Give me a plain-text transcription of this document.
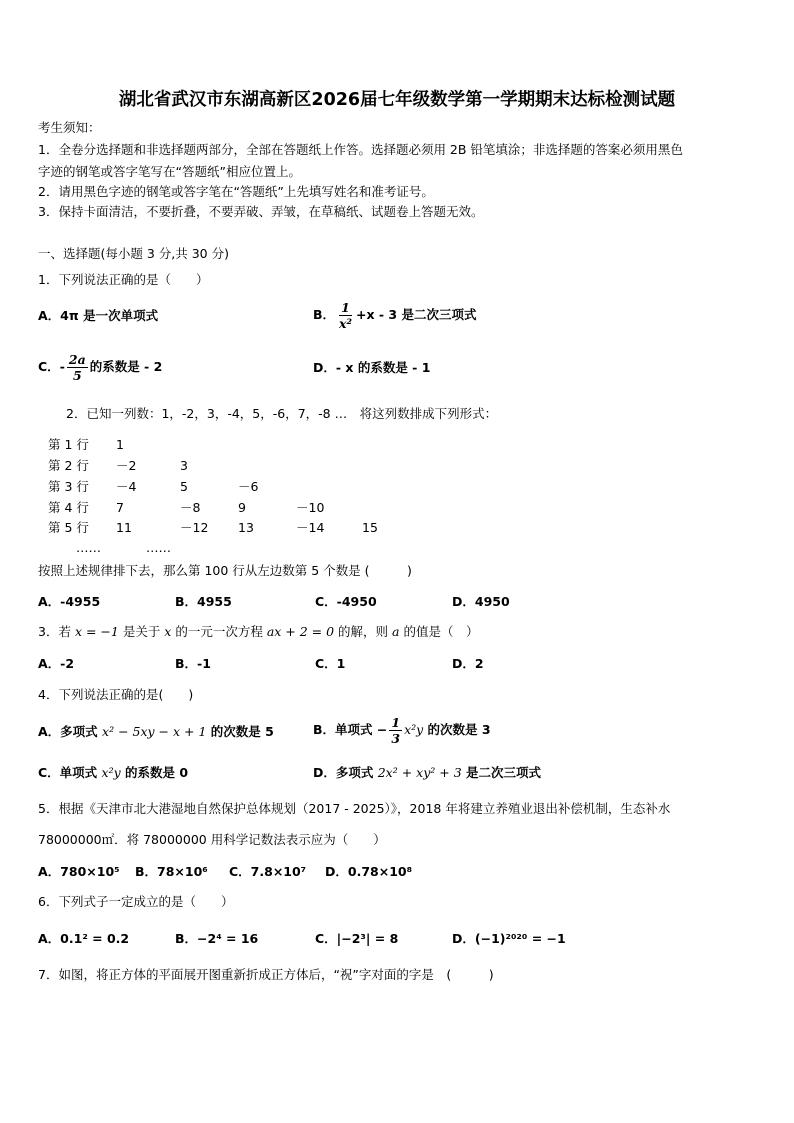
湖北省武汉市东湖高新区2026届七年级数学第一学期期末达标检测试题
考生须知：
1．全卷分选择题和非选择题两部分，全部在答题纸上作答。选择题必须用 2B 铅笔填涂；非选择题的答案必须用黑色
字迹的钢笔或答字笔写在“答题纸”相应位置上。
2．请用黑色字迹的钢笔或答字笔在“答题纸”上先填写姓名和准考证号。
3．保持卡面清洁，不要折叠，不要弄破、弄皱，在草稿纸、试题卷上答题无效。
一、选择题(每小题 3 分,共 30 分)
1．下列说法正确的是（　　）
A．4π 是一次单项式	B． $\frac{1}{\text{x²}} +x - 3$ 是二次三项式
C．- $\frac{2a}{5}$ 的系数是 - 2	D．- x 的系数是 - 1
2．已知一列数：1，-2，3，-4，5，-6，7，-8 …　将这列数排成下列形式：
第 1 行 1
第 2 行 －2	3
第 3 行 －4	5	－6
第 4 行 7	－8	9	－10
第 5 行 11	－12 13	－14	15
……	……
按照上述规律排下去，那么第 100 行从左边数第 5 个数是 (　　　)
A．-4955	B．4955	C．-4950	D．4950
3．若 x = −1 是关于 x 的一元一次方程 ax + 2 = 0 的解，则 a 的值是（　）
A．-2	B．-1	C．1	D．2
4．下列说法正确的是(　　)
A．多项式 x² − 5xy − x + 1 的次数是 5	B．单项式 − $\frac{1}{3} x^2y$ 的次数是 3
C．单项式 x²y 的系数是 0	D．多项式 2x² + xy² + 3 是二次三项式
5．根据《天津市北大港湿地自然保护总体规划（2017 - 2025）》，2018 年将建立养殖业退出补偿机制，生态补水
78000000㎡．将 78000000 用科学记数法表示应为（　　）
A．780×10⁵ B．78×10⁶ C．7.8×10⁷ D．0.78×10⁸
6．下列式子一定成立的是（　　）
A．0.1² = 0.2	B．−2⁴ = 16	C．|−2³| = 8	D．(−1)²⁰²⁰ = −1
7．如图，将正方体的平面展开图重新折成正方体后，“祝”字对面的字是　(　　　)
